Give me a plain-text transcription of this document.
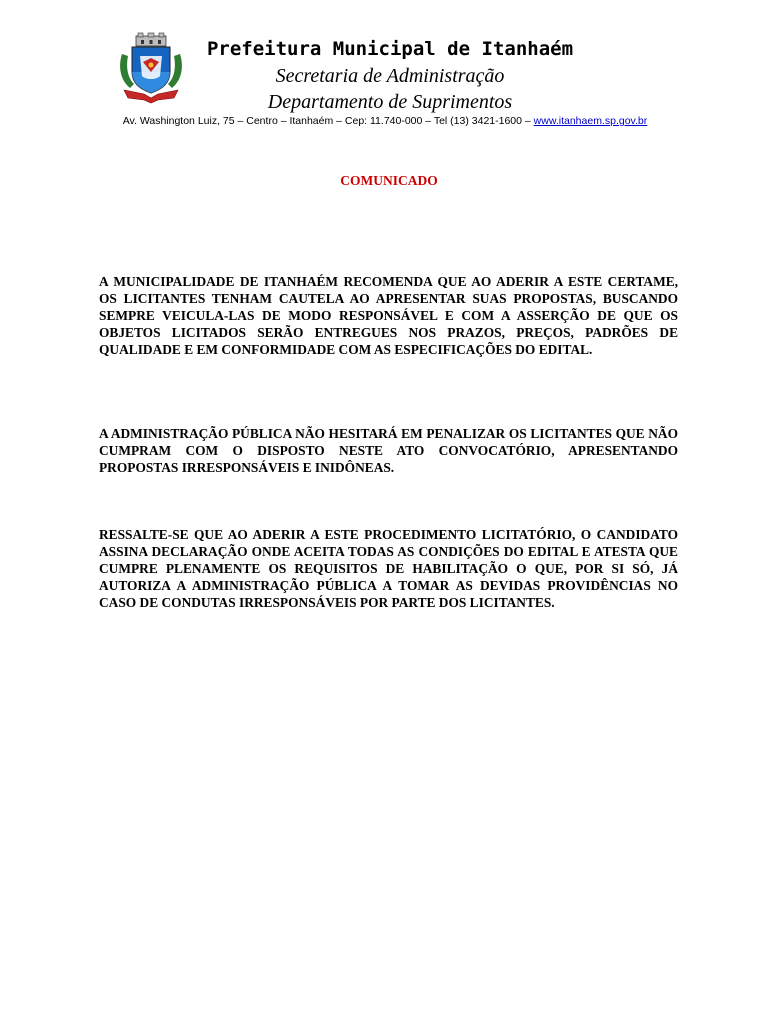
Prefeitura Municipal de Itanhaém
Secretaria de Administração
Departamento de Suprimentos
Av. Washington Luiz, 75 – Centro – Itanhaém – Cep: 11.740-000 – Tel (13) 3421-1600 – www.itanhaem.sp.gov.br
COMUNICADO
A MUNICIPALIDADE DE ITANHAÉM RECOMENDA QUE AO ADERIR A ESTE CERTAME, OS LICITANTES TENHAM CAUTELA AO APRESENTAR SUAS PROPOSTAS, BUSCANDO SEMPRE VEICULA-LAS DE MODO RESPONSÁVEL E COM A ASSERÇÃO DE QUE OS OBJETOS LICITADOS SERÃO ENTREGUES NOS PRAZOS, PREÇOS, PADRÕES DE QUALIDADE E EM CONFORMIDADE COM AS ESPECIFICAÇÕES DO EDITAL.
A ADMINISTRAÇÃO PÚBLICA NÃO HESITARÁ EM PENALIZAR OS LICITANTES QUE NÃO CUMPRAM COM O DISPOSTO NESTE ATO CONVOCATÓRIO, APRESENTANDO PROPOSTAS IRRESPONSÁVEIS E INIDÔNEAS.
RESSALTE-SE QUE AO ADERIR A ESTE PROCEDIMENTO LICITATÓRIO, O CANDIDATO ASSINA DECLARAÇÃO ONDE ACEITA TODAS AS CONDIÇÕES DO EDITAL E ATESTA QUE CUMPRE PLENAMENTE OS REQUISITOS DE HABILITAÇÃO O QUE, POR SI SÓ, JÁ AUTORIZA A ADMINISTRAÇÃO PÚBLICA A TOMAR AS DEVIDAS PROVIDÊNCIAS NO CASO DE CONDUTAS IRRESPONSÁVEIS POR PARTE DOS LICITANTES.
